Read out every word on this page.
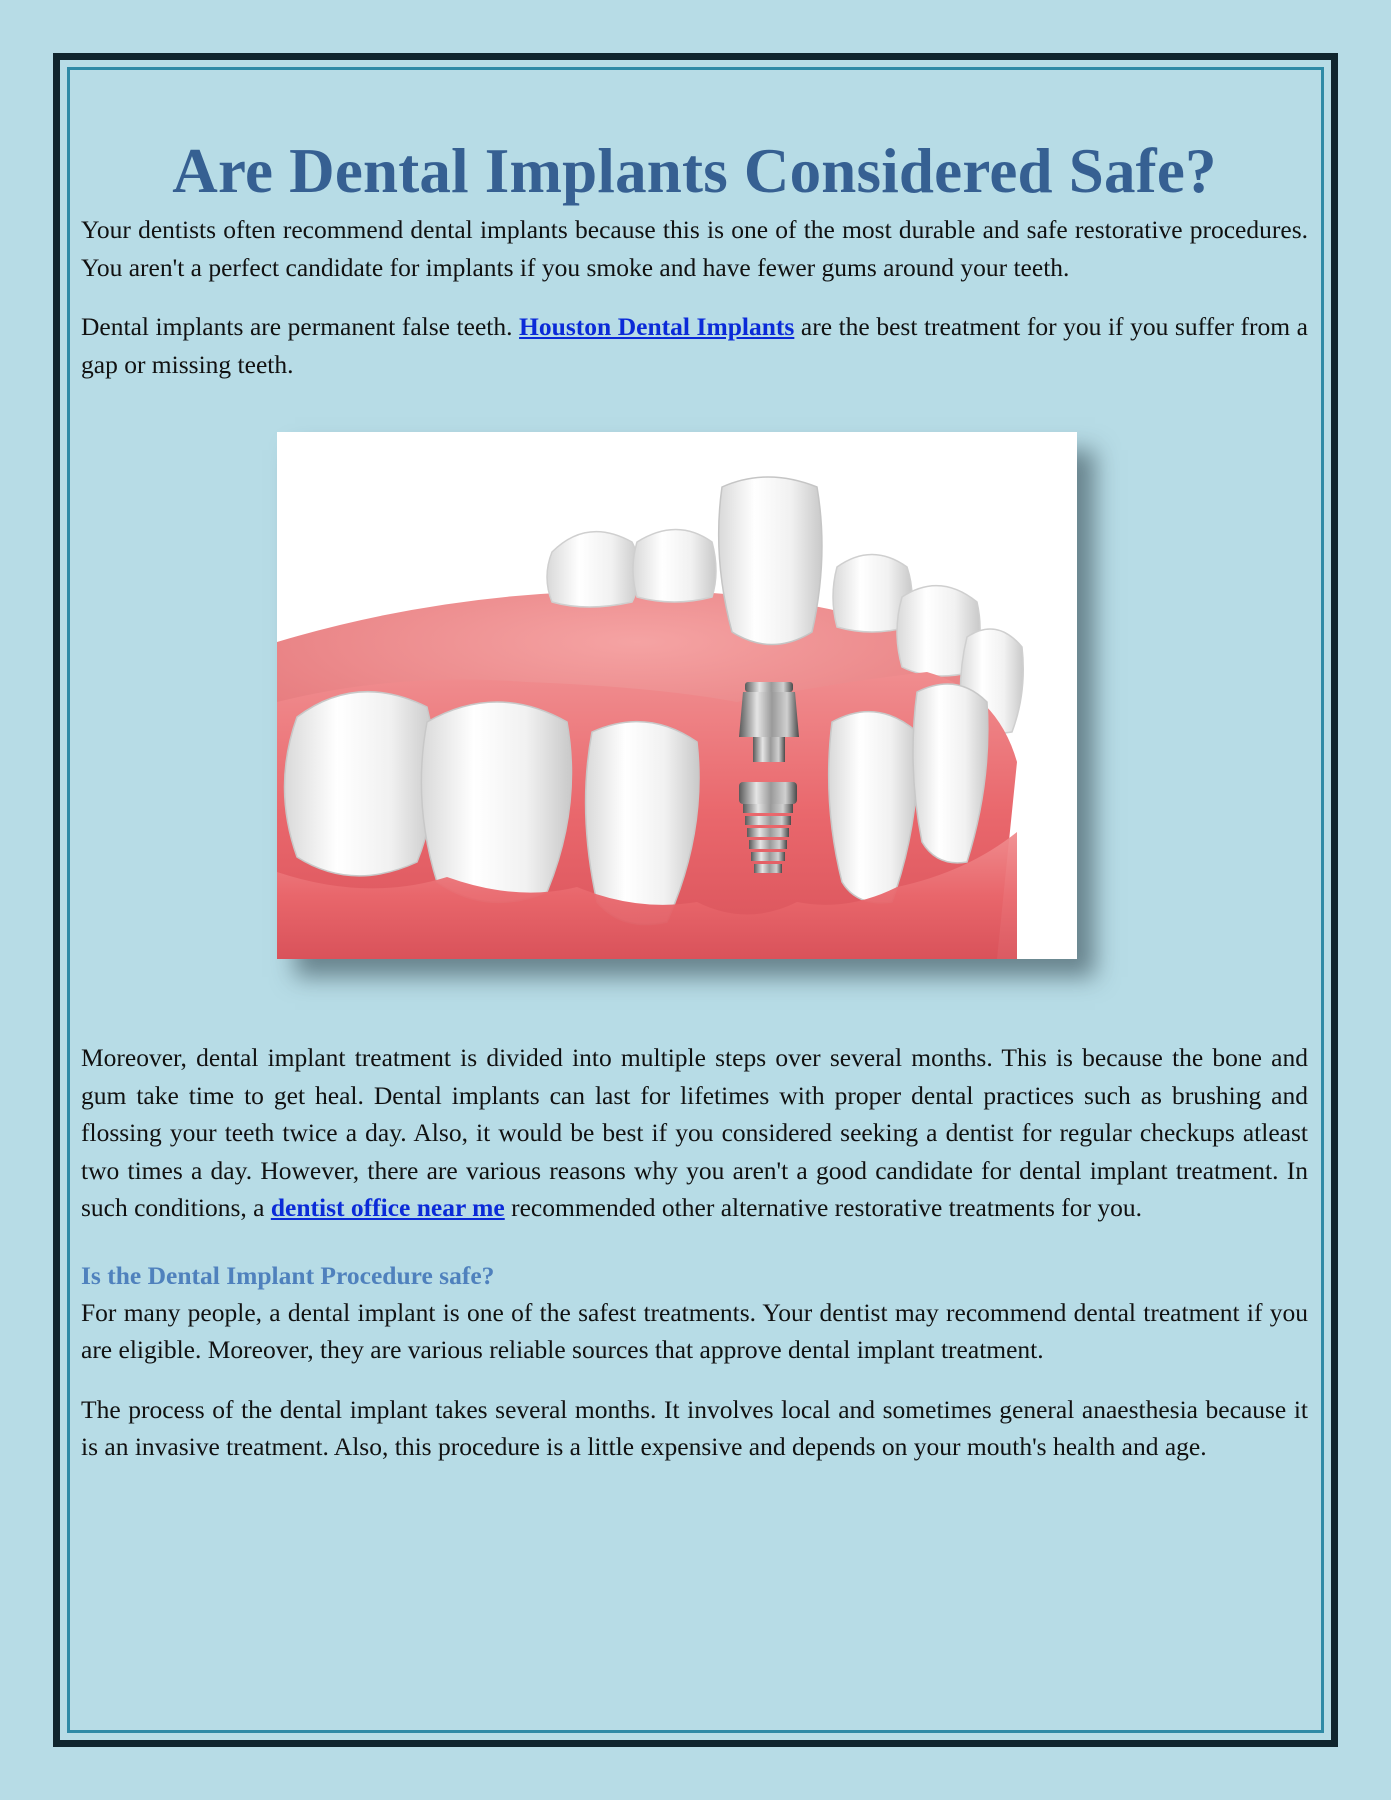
Are Dental Implants Considered Safe?

Your dentists often recommend dental implants because this is one of the most durable and safe restorative procedures. You aren't a perfect candidate for implants if you smoke and have fewer gums around your teeth.

Dental implants are permanent false teeth. Houston Dental Implants are the best treatment for you if you suffer from a gap or missing teeth.

Moreover, dental implant treatment is divided into multiple steps over several months. This is because the bone and gum take time to get heal. Dental implants can last for lifetimes with proper dental practices such as brushing and flossing your teeth twice a day. Also, it would be best if you considered seeking a dentist for regular checkups atleast two times a day. However, there are various reasons why you aren't a good candidate for dental implant treatment. In such conditions, a dentist office near me recommended other alternative restorative treatments for you.

Is the Dental Implant Procedure safe?

For many people, a dental implant is one of the safest treatments. Your dentist may recommend dental treatment if you are eligible. Moreover, they are various reliable sources that approve dental implant treatment.

The process of the dental implant takes several months. It involves local and sometimes general anaesthesia because it is an invasive treatment. Also, this procedure is a little expensive and depends on your mouth's health and age.
